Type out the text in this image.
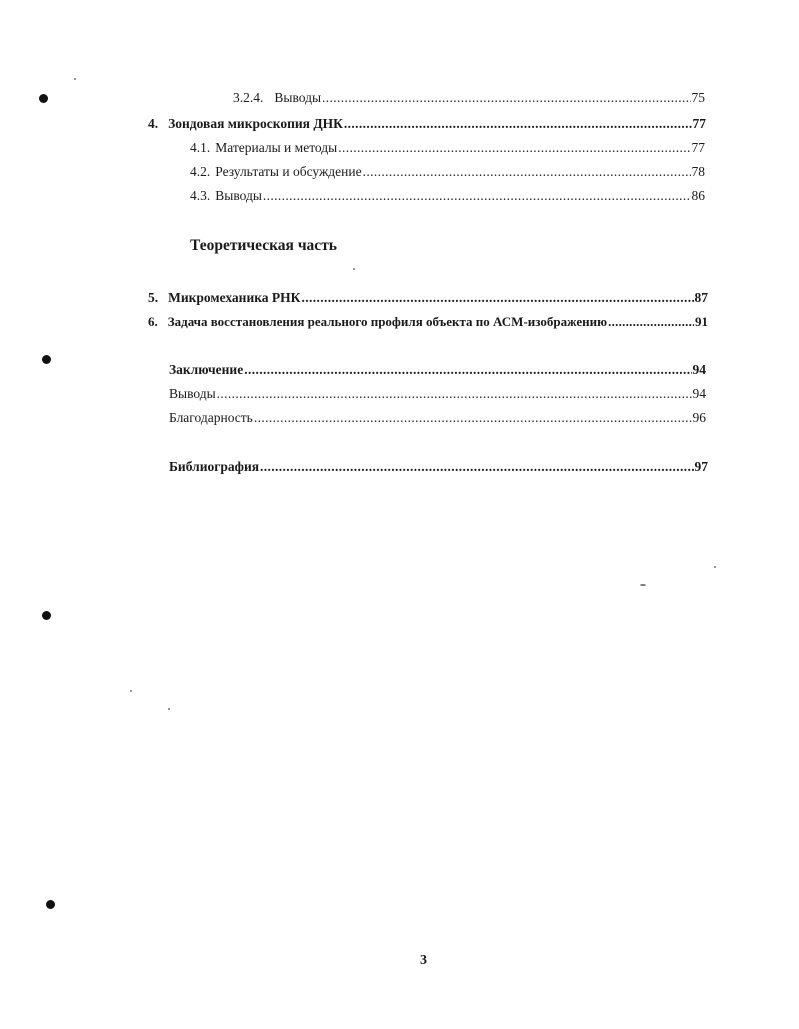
3.2.4. Выводы . . .	75
4. Зондовая микроскопия ДНК . . .	77
4.1. Материалы и методы . . .	77
4.2. Результаты и обсуждение . . .	78
4.3. Выводы . . .	86
Теоретическая часть
5. Микромеханика РНК . . .	87
6. Задача восстановления реального профиля объекта по АСМ-изображению . . .	91
Заключение . . .	94
Выводы . . .	94
Благодарность . . .	96
Библиография . . .	97
3
